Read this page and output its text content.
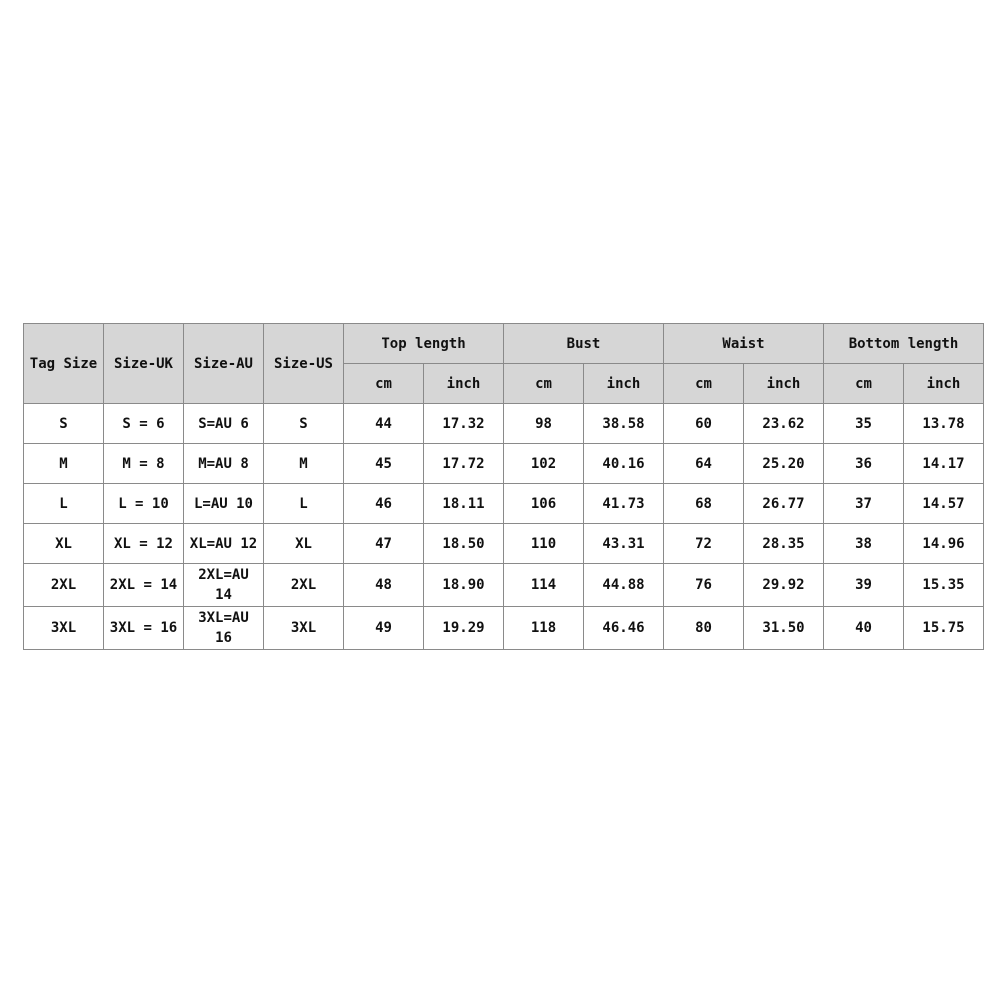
Tag Size	Size-UK	Size-AU	Size-US	Top length		Bust		Waist		Bottom length	
				cm	inch	cm	inch	cm	inch	cm	inch
S	S = 6	S=AU 6	S	44	17.32	98	38.58	60	23.62	35	13.78
M	M = 8	M=AU 8	M	45	17.72	102	40.16	64	25.20	36	14.17
L	L = 10	L=AU 10	L	46	18.11	106	41.73	68	26.77	37	14.57
XL	XL = 12	XL=AU 12	XL	47	18.50	110	43.31	72	28.35	38	14.96
2XL	2XL = 14	2XL=AU 14	2XL	48	18.90	114	44.88	76	29.92	39	15.35
3XL	3XL = 16	3XL=AU 16	3XL	49	19.29	118	46.46	80	31.50	40	15.75
